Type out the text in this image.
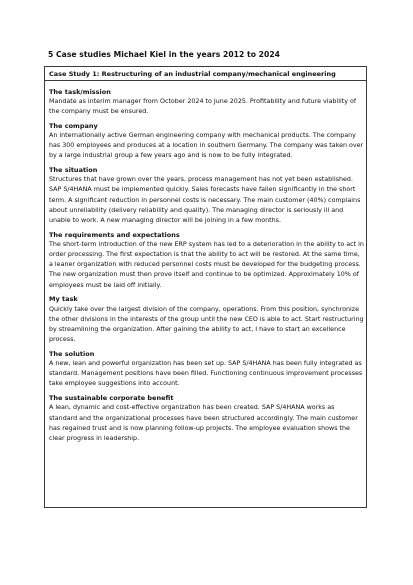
5 Case studies Michael Kiel in the years 2012 to 2024
Case Study 1: Restructuring of an industrial company/mechanical engineering
The task/mission

Mandate as interim manager from October 2024 to June 2025. Profitability and future viability of the company must be ensured.

The company

An internationally active German engineering company with mechanical products. The company has 300 employees and produces at a location in southern Germany. The company was taken over by a large industrial group a few years ago and is now to be fully integrated.

The situation

Structures that have grown over the years, process management has not yet been established. SAP S/4HANA must be implemented quickly. Sales forecasts have fallen significantly in the short term. A significant reduction in personnel costs is necessary. The main customer (40%) complains about unreliability (delivery reliability and quality). The managing director is seriously ill and unable to work. A new managing director will be joining in a few months.

The requirements and expectations

The short-term introduction of the new ERP system has led to a deterioration in the ability to act in order processing. The first expectation is that the ability to act will be restored. At the same time, a leaner organization with reduced personnel costs must be developed for the budgeting process. The new organization must then prove itself and continue to be optimized. Approximately 10% of employees must be laid off initially.

My task

Quickly take over the largest division of the company, operations. From this position, synchronize the other divisions in the interests of the group until the new CEO is able to act. Start restructuring by streamlining the organization. After gaining the ability to act, I have to start an excellence process.

The solution

A new, lean and powerful organization has been set up. SAP S/4HANA has been fully integrated as standard. Management positions have been filled. Functioning continuous improvement processes take employee suggestions into account.

The sustainable corporate benefit

A lean, dynamic and cost-effective organization has been created. SAP S/4HANA works as standard and the organizational processes have been structured accordingly. The main customer has regained trust and is now planning follow-up projects. The employee evaluation shows the clear progress in leadership.
